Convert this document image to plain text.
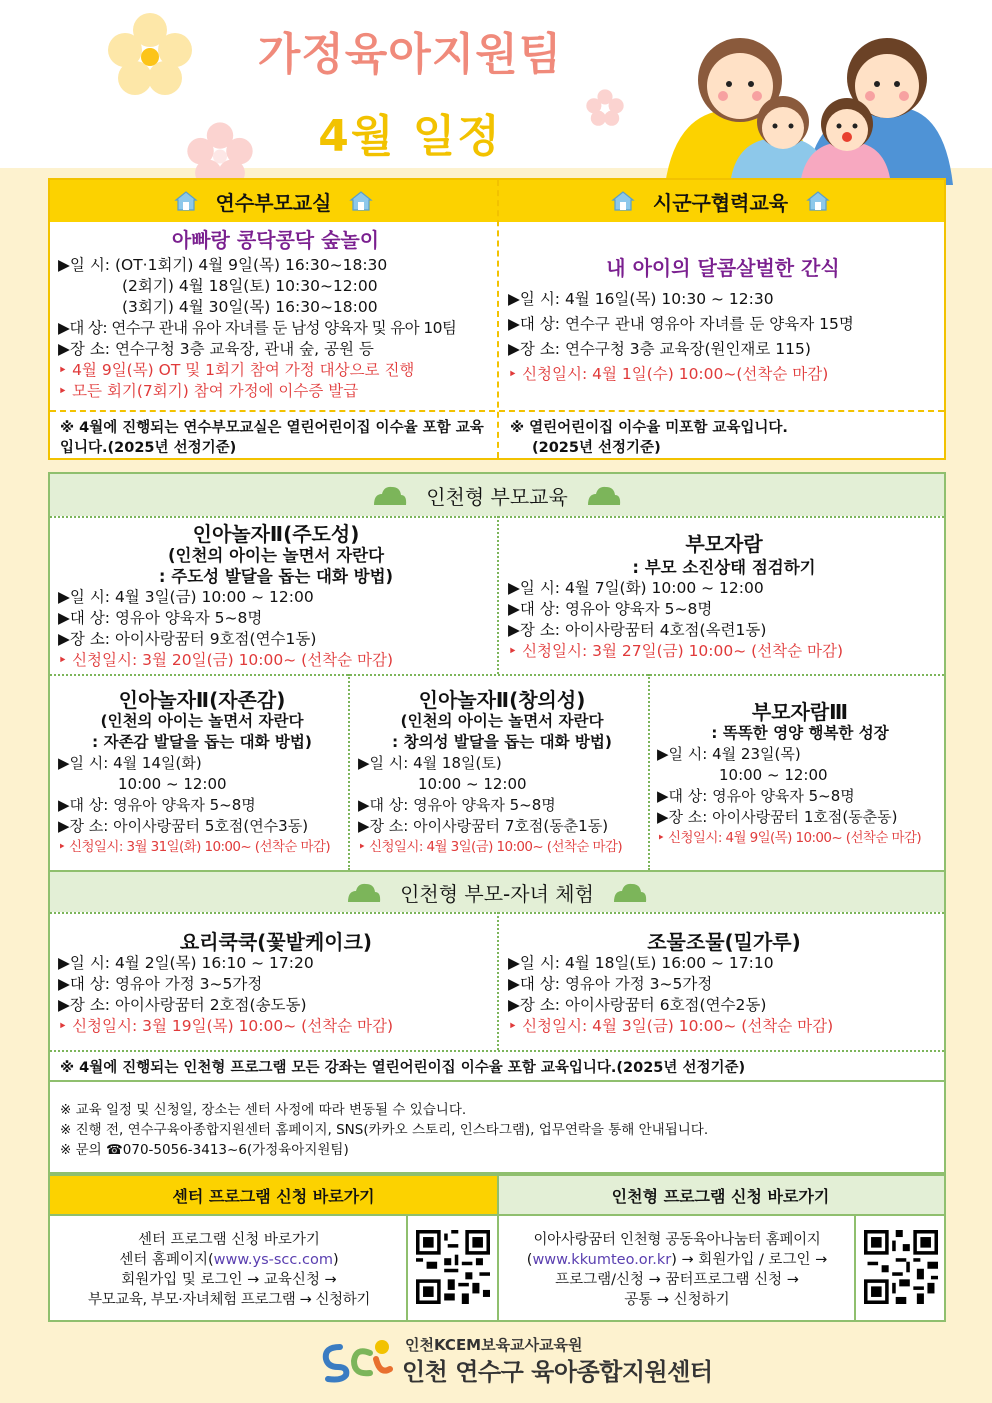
가정육아지원팀
4월 일정
연수부모교실	시군구협력교육
아빠랑 콩닥콩닥 숲놀이
▶일 시: (OT·1회기) 4월 9일(목) 16:30~18:30
(2회기) 4월 18일(토) 10:30~12:00
(3회기) 4월 30일(목) 16:30~18:00
▶대 상: 연수구 관내 유아 자녀를 둔 남성 양육자 및 유아 10팀
▶장 소: 연수구청 3층 교육장, 관내 숲, 공원 등
‣ 4월 9일(목) OT 및 1회기 참여 가정 대상으로 진행
‣ 모든 회기(7회기) 참여 가정에 이수증 발급
※ 4월에 진행되는 연수부모교실은 열린어린이집 이수율 포함 교육입니다.(2025년 선정기준)
내 아이의 달콤살벌한 간식
▶일 시: 4월 16일(목) 10:30 ~ 12:30
▶대 상: 연수구 관내 영유아 자녀를 둔 양육자 15명
▶장 소: 연수구청 3층 교육장(원인재로 115)
‣ 신청일시: 4월 1일(수) 10:00~(선착순 마감)
※ 열린어린이집 이수율 미포함 교육입니다.
(2025년 선정기준)
인천형 부모교육
인아놀자Ⅱ(주도성)
(인천의 아이는 놀면서 자란다
: 주도성 발달을 돕는 대화 방법)
▶일 시: 4월 3일(금) 10:00 ~ 12:00
▶대 상: 영유아 양육자 5~8명
▶장 소: 아이사랑꿈터 9호점(연수1동)
‣ 신청일시: 3월 20일(금) 10:00~ (선착순 마감)
부모자람
: 부모 소진상태 점검하기
▶일 시: 4월 7일(화) 10:00 ~ 12:00
▶대 상: 영유아 양육자 5~8명
▶장 소: 아이사랑꿈터 4호점(옥련1동)
‣ 신청일시: 3월 27일(금) 10:00~ (선착순 마감)
인아놀자Ⅱ(자존감)
(인천의 아이는 놀면서 자란다
: 자존감 발달을 돕는 대화 방법)
▶일 시: 4월 14일(화)
10:00 ~ 12:00
▶대 상: 영유아 양육자 5~8명
▶장 소: 아이사랑꿈터 5호점(연수3동)
‣ 신청일시: 3월 31일(화) 10:00~ (선착순 마감)
인아놀자Ⅱ(창의성)
(인천의 아이는 놀면서 자란다
: 창의성 발달을 돕는 대화 방법)
▶일 시: 4월 18일(토)
10:00 ~ 12:00
▶대 상: 영유아 양육자 5~8명
▶장 소: 아이사랑꿈터 7호점(동춘1동)
‣ 신청일시: 4월 3일(금) 10:00~ (선착순 마감)
부모자람Ⅲ
: 똑똑한 영양 행복한 성장
▶일 시: 4월 23일(목)
10:00 ~ 12:00
▶대 상: 영유아 양육자 5~8명
▶장 소: 아이사랑꿈터 1호점(동춘동)
‣ 신청일시: 4월 9일(목) 10:00~ (선착순 마감)
인천형 부모-자녀 체험
요리쿡쿡(꽃밭케이크)
▶일 시: 4월 2일(목) 16:10 ~ 17:20
▶대 상: 영유아 가정 3~5가정
▶장 소: 아이사랑꿈터 2호점(송도동)
‣ 신청일시: 3월 19일(목) 10:00~ (선착순 마감)
조물조물(밀가루)
▶일 시: 4월 18일(토) 16:00 ~ 17:10
▶대 상: 영유아 가정 3~5가정
▶장 소: 아이사랑꿈터 6호점(연수2동)
‣ 신청일시: 4월 3일(금) 10:00~ (선착순 마감)
※ 4월에 진행되는 인천형 프로그램 모든 강좌는 열린어린이집 이수율 포함 교육입니다.(2025년 선정기준)
※ 교육 일정 및 신청일, 장소는 센터 사정에 따라 변동될 수 있습니다.
※ 진행 전, 연수구육아종합지원센터 홈페이지, SNS(카카오 스토리, 인스타그램), 업무연락을 통해 안내됩니다.
※ 문의 ☎070-5056-3413~6(가정육아지원팀)
센터 프로그램 신청 바로가기	인천형 프로그램 신청 바로가기
센터 프로그램 신청 바로가기
센터 홈페이지(www.ys-scc.com)
회원가입 및 로그인 → 교육신청 →
부모교육, 부모·자녀체험 프로그램 → 신청하기
이아사랑꿈터 인천형 공동육아나눔터 홈페이지
(www.kkumteo.or.kr) → 회원가입 / 로그인 →
프로그램/신청 → 꿈터프로그램 신청 →
공통 → 신청하기
인천KCEM보육교사교육원
인천 연수구 육아종합지원센터
